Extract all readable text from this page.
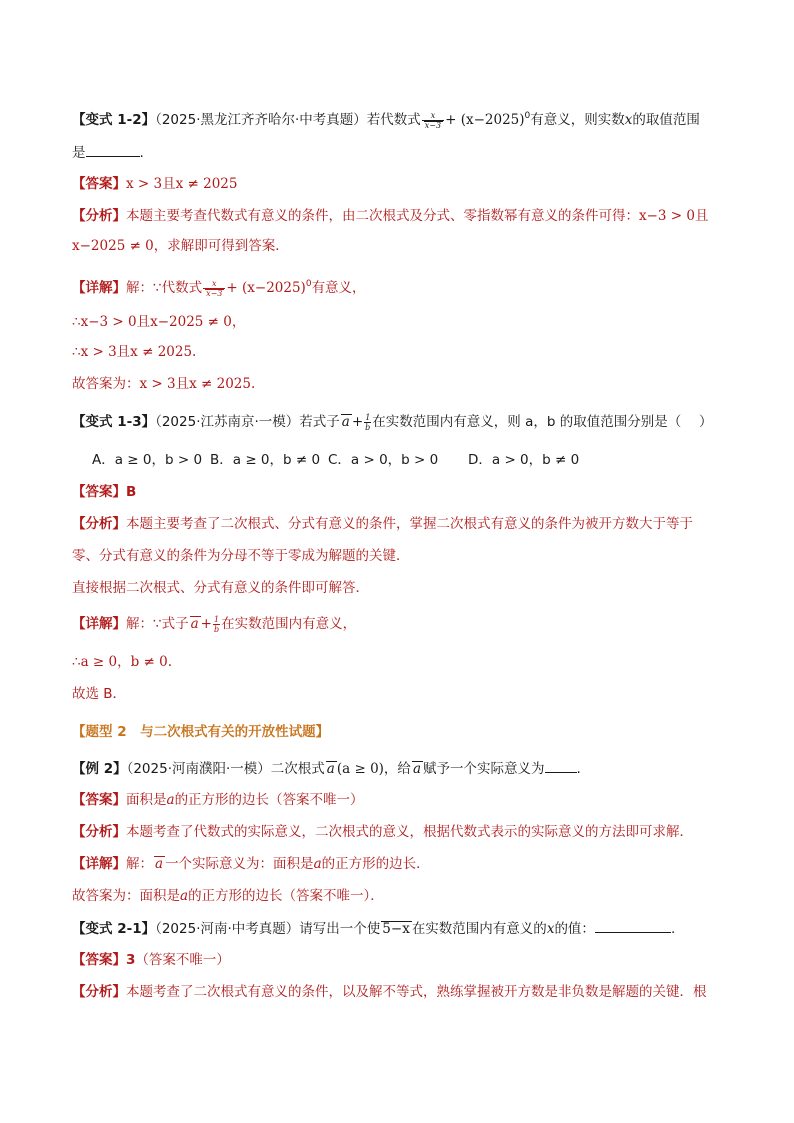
【变式 1-2】（2025·黑龙江齐齐哈尔·中考真题）若代数式 $\frac{x}{x-3} + (x-2025)^0$有意义，则实数x的取值范围
是	.
【答案】x > 3且x ≠ 2025
【分析】本题主要考查代数式有意义的条件，由二次根式及分式、零指数幂有意义的条件可得：x−3 > 0且
x−2025 ≠ 0，求解即可得到答案．
【详解】解：∵代数式 $\frac{x}{x-3} + (x-2025)^0$有意义，
∴x−3 > 0且x−2025 ≠ 0，
∴x > 3且x ≠ 2025.
故答案为：x > 3且x ≠ 2025.
【变式 1-3】（2025·江苏南京·一模）若式子 $a + \frac{1}{b}$ 在实数范围内有意义，则 a，b 的取值范围分别是（　 ）
A．a ≥ 0，b > 0 B．a ≥ 0，b ≠ 0 C．a > 0，b > 0 D．a > 0，b ≠ 0
【答案】B
【分析】本题主要考查了二次根式、分式有意义的条件，掌握二次根式有意义的条件为被开方数大于等于
零、分式有意义的条件为分母不等于零成为解题的关键．
直接根据二次根式、分式有意义的条件即可解答．
【详解】解：∵式子 $a + \frac{1}{b}$ 在实数范围内有意义，
∴a ≥ 0，b ≠ 0.
故选 B．
【题型 2　与二次根式有关的开放性试题】
【例 2】（2025·河南濮阳·一模）二次根式 a (a ≥ 0)，给 a 赋予一个实际意义为 .
【答案】面积是a的正方形的边长（答案不唯一）
【分析】本题考查了代数式的实际意义，二次根式的意义，根据代数式表示的实际意义的方法即可求解．
【详解】解： a 一个实际意义为：面积是a的正方形的边长．
故答案为：面积是a的正方形的边长（答案不唯一）．
【变式 2-1】（2025·河南·中考真题）请写出一个使 5−x 在实数范围内有意义的x的值：	.
【答案】3（答案不唯一）
【分析】本题考查了二次根式有意义的条件，以及解不等式，熟练掌握被开方数是非负数是解题的关键．根
